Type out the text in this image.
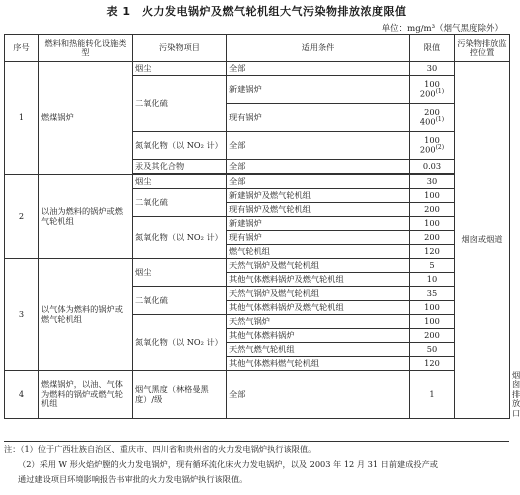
表 1　火力发电锅炉及燃气轮机组大气污染物排放浓度限值
单位：mg/m³（烟气黑度除外）
序号	燃料和热能转化设施类型	污染物项目	适用条件	限值	污染物排放监控位置	
1	燃煤锅炉	烟尘	全部	30	烟囱或烟道	
		二氧化硫	新建锅炉	100
200$^{(1)}$

			现有锅炉	200
400$^{(1)}$

		氮氧化物（以 NO₂ 计）	全部	100
200$^{(2)}$

		汞及其化合物	全部	0.03		

2	以油为燃料的锅炉或燃气轮机组	烟尘	全部	30		
		二氧化硫	新建锅炉及燃气轮机组	100		
			现有锅炉及燃气轮机组	200		
		氮氧化物（以 NO₂ 计）	新建锅炉	100		
			现有锅炉	200		
			燃气轮机组	120		
3	以气体为燃料的锅炉或燃气轮机组	烟尘	天然气锅炉及燃气轮机组	5		
			其他气体燃料锅炉及燃气轮机组	10		
		二氧化硫	天然气锅炉及燃气轮机组	35		
			其他气体燃料锅炉及燃气轮机组	100		
		氮氧化物（以 NO₂ 计）	天然气锅炉	100		
			其他气体燃料锅炉	200		
			天然气燃气轮机组	50		
			其他气体燃料燃气轮机组	120		
4	燃煤锅炉，以油、气体为燃料的锅炉或燃气轮机组	烟气黑度（林格曼黑度）/级	全部	1		烟囱排放口
注：（1）位于广西壮族自治区、重庆市、四川省和贵州省的火力发电锅炉执行该限值。
（2）采用 W 形火焰炉膛的火力发电锅炉，现有循环流化床火力发电锅炉，以及 2003 年 12 月 31 日前建成投产或
通过建设项目环境影响报告书审批的火力发电锅炉执行该限值。
